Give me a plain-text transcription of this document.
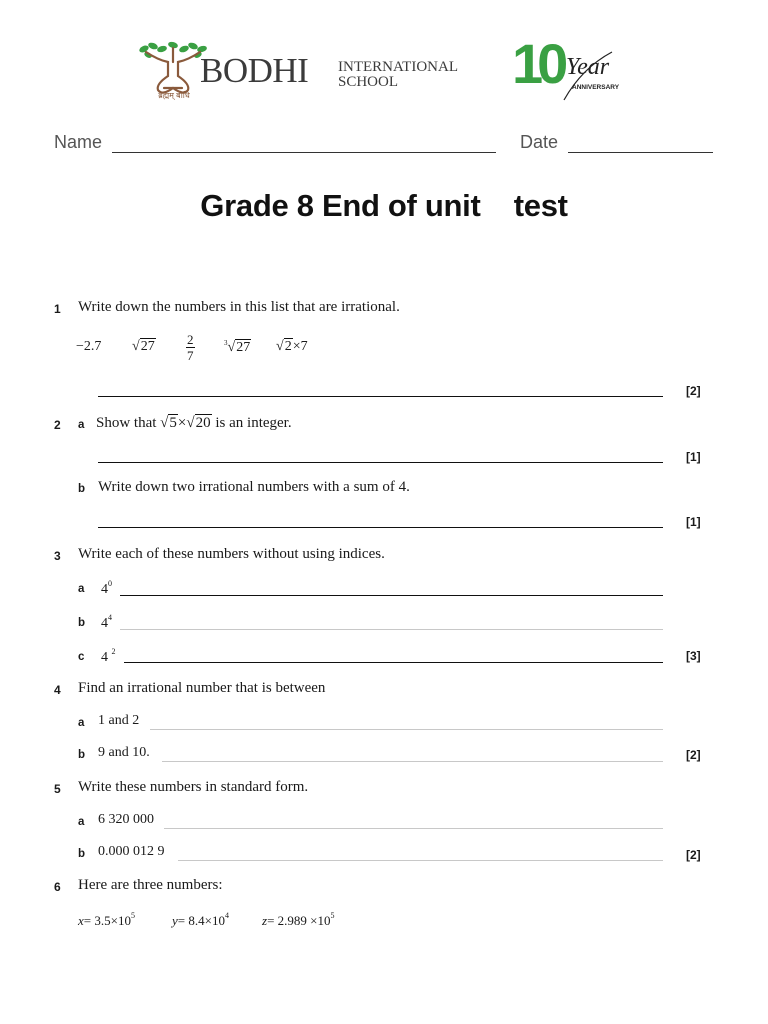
BODHI INTERNATIONAL
SCHOOL
ब्रह्मम् बोधि
10 Year
ANNIVERSARY
Name	Date
Grade 8 End of unit    test
1 Write down the numbers in this list that are irrational.
−2.7 $√27 \frac{2}{7}$	$^3$√27 √2×7
[2]
2 a Show that √5×√20 is an integer.
[1]
b Write down two irrational numbers with a sum of 4.
[1]
3 Write each of these numbers without using indices.
a $4^0$
b $4^4$
c 4 $^2$	[3]
4 Find an irrational number that is between
a 1 and 2
b 9 and 10.	[2]
5 Write these numbers in standard form.
a 6 320 000
b 0.000 012 9	[2]
6 Here are three numbers:
$x= 3.5\times 10^5$	$y= 8.4\times 10^4$	$z= 2.989 \times 10^5$
